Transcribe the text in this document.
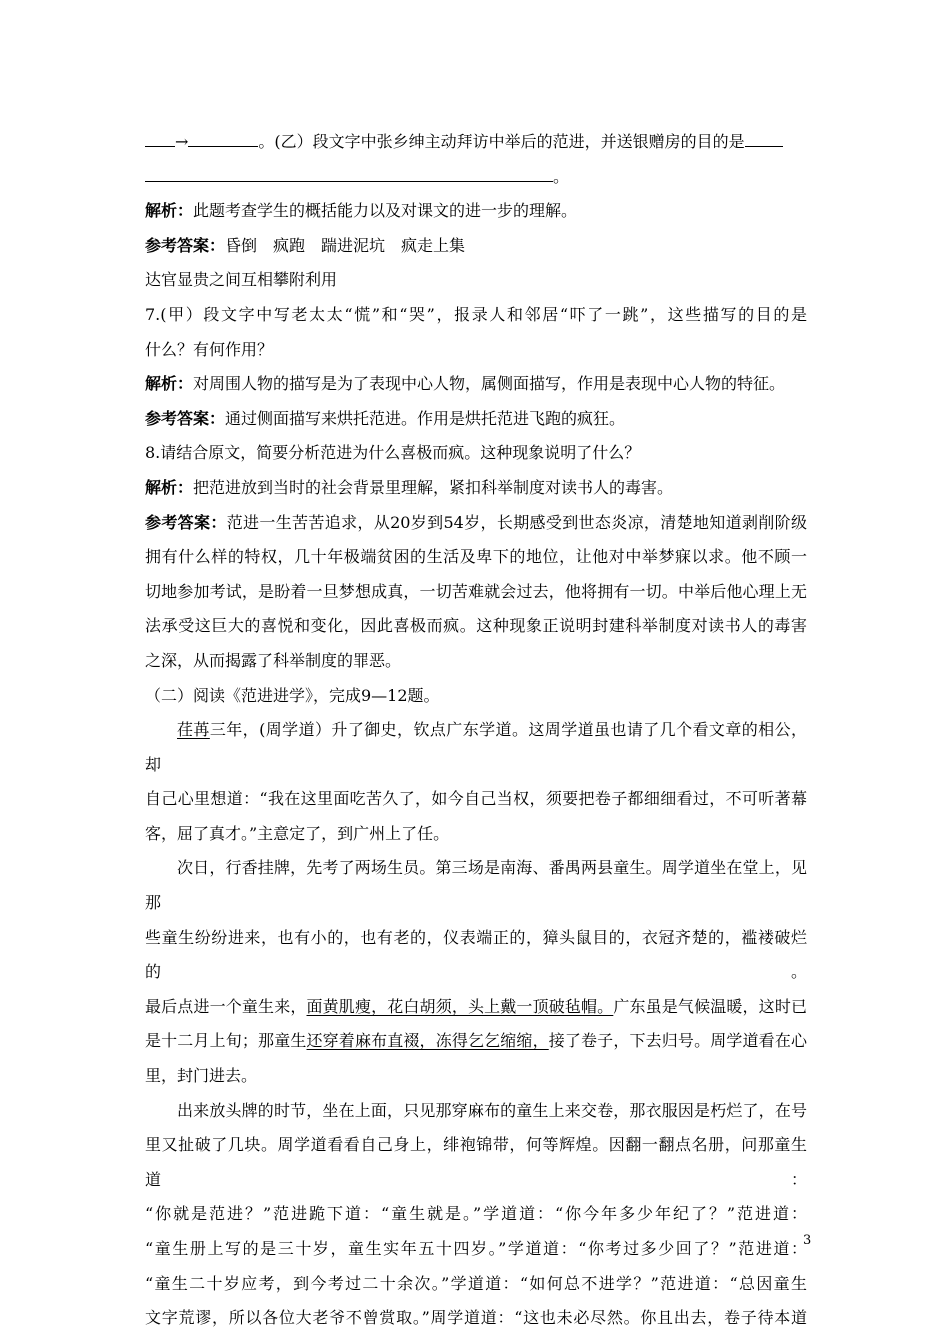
→	。(乙）段文字中张乡绅主动拜访中举后的范进，并送银赠房的目的是
。
解析：此题考查学生的概括能力以及对课文的进一步的理解。
参考答案：昏倒　疯跑　踹进泥坑　疯走上集
达官显贵之间互相攀附利用
7.(甲）段文字中写老太太“慌”和“哭”，报录人和邻居“吓了一跳”，这些描写的目的是
什么？有何作用？
解析：对周围人物的描写是为了表现中心人物，属侧面描写，作用是表现中心人物的特征。
参考答案：通过侧面描写来烘托范进。作用是烘托范进飞跑的疯狂。
8.请结合原文，简要分析范进为什么喜极而疯。这种现象说明了什么？
解析：把范进放到当时的社会背景里理解，紧扣科举制度对读书人的毒害。
参考答案：范进一生苦苦追求，从20岁到54岁，长期感受到世态炎凉，清楚地知道剥削阶级
拥有什么样的特权，几十年极端贫困的生活及卑下的地位，让他对中举梦寐以求。他不顾一
切地参加考试，是盼着一旦梦想成真，一切苦难就会过去，他将拥有一切。中举后他心理上无
法承受这巨大的喜悦和变化，因此喜极而疯。这种现象正说明封建科举制度对读书人的毒害
之深，从而揭露了科举制度的罪恶。
（二）阅读《范进进学》，完成9—12题。
荏苒三年，(周学道）升了御史，钦点广东学道。这周学道虽也请了几个看文章的相公，却
自己心里想道：“我在这里面吃苦久了，如今自己当权，须要把卷子都细细看过，不可听著幕
客，屈了真才。”主意定了，到广州上了任。
次日，行香挂牌，先考了两场生员。第三场是南海、番禺两县童生。周学道坐在堂上，见那
些童生纷纷进来，也有小的，也有老的，仪表端正的，獐头鼠目的，衣冠齐楚的，褴褛破烂的。
最后点进一个童生来，面黄肌瘦，花白胡须，头上戴一顶破毡帽。广东虽是气候温暖，这时已
是十二月上旬；那童生还穿着麻布直裰，冻得乞乞缩缩，接了卷子，下去归号。周学道看在心
里，封门进去。
出来放头牌的时节，坐在上面，只见那穿麻布的童生上来交卷，那衣服因是朽烂了，在号
里又扯破了几块。周学道看看自己身上，绯袍锦带，何等辉煌。因翻一翻点名册，问那童生道：
“你就是范进？”范进跪下道：“童生就是。”学道道：“你今年多少年纪了？”范进道：
“童生册上写的是三十岁，童生实年五十四岁。”学道道：“你考过多少回了？”范进道：
“童生二十岁应考，到今考过二十余次。”学道道：“如何总不进学？”范进道：“总因童生
文字荒谬，所以各位大老爷不曾赏取。”周学道道：“这也未必尽然。你且出去，卷子待本道
3
